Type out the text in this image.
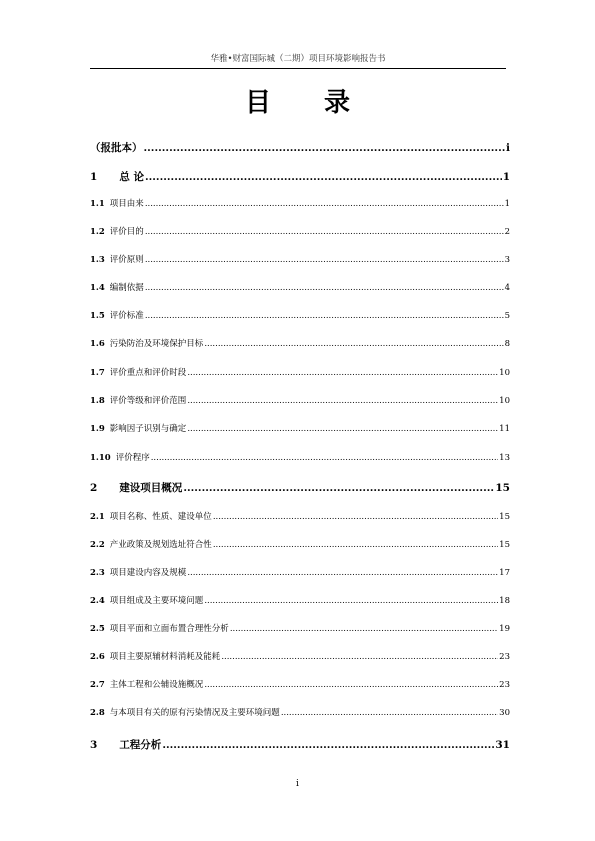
华雅•财富国际城（二期）项目环境影响报告书
目 录
（报批本） .....	i
1 总 论 .....	1
1.1 项目由来 .....	1
1.2 评价目的 .....	2
1.3 评价原则 .....	3
1.4 编制依据 .....	4
1.5 评价标准 .....	5
1.6 污染防治及环境保护目标 .....	8
1.7 评价重点和评价时段 .....	10
1.8 评价等级和评价范围 .....	10
1.9 影响因子识别与确定 .....	11
1.10 评价程序 .....	13
2 建设项目概况 .....	15
2.1 项目名称、性质、建设单位 .....	15
2.2 产业政策及规划选址符合性 .....	15
2.3 项目建设内容及规模 .....	17
2.4 项目组成及主要环境问题 .....	18
2.5 项目平面和立面布置合理性分析 .....	19
2.6 项目主要原辅材料消耗及能耗 .....	23
2.7 主体工程和公辅设施概况 .....	23
2.8 与本项目有关的原有污染情况及主要环境问题 .....	30
3 工程分析 .....	31
i
